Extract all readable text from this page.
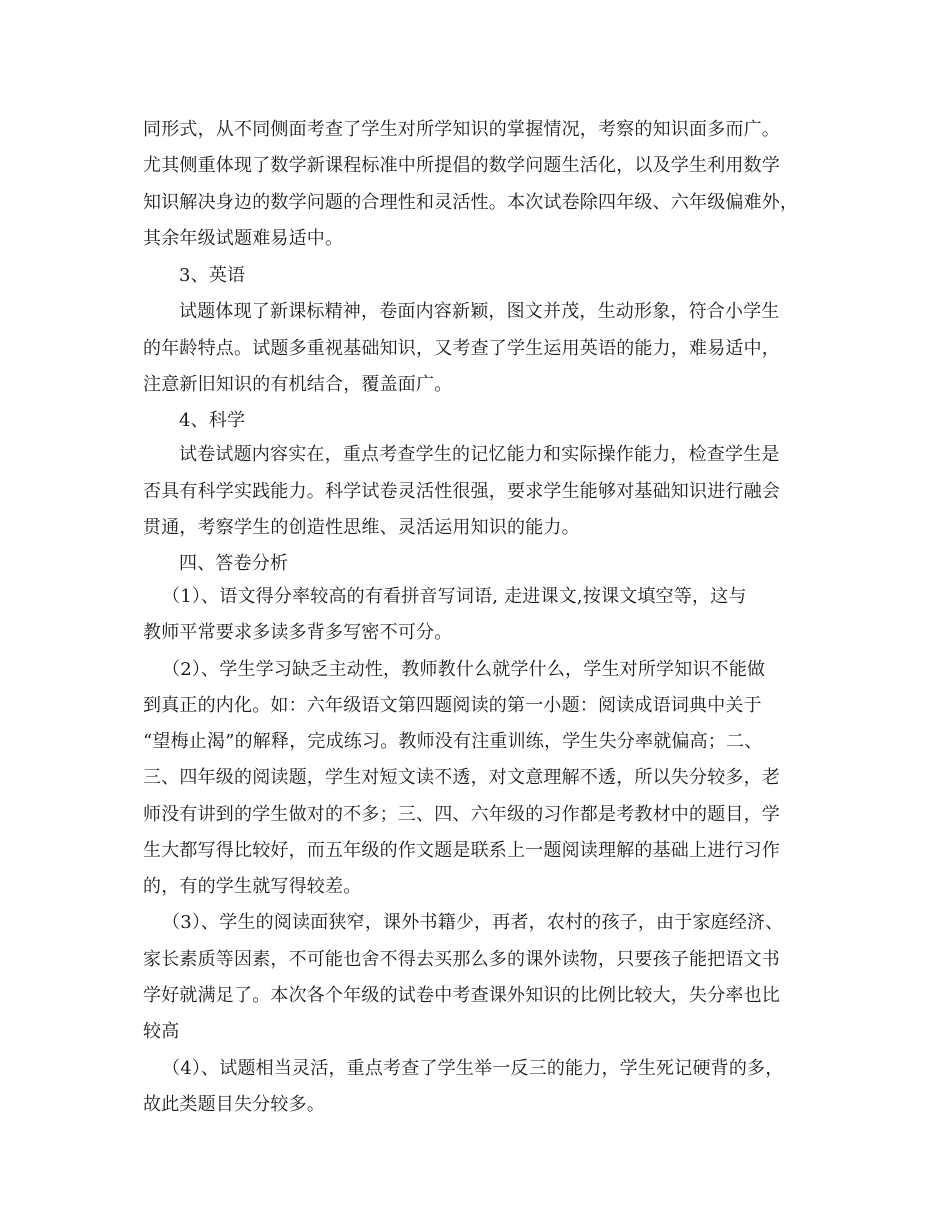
同形式，从不同侧面考查了学生对所学知识的掌握情况，考察的知识面多而广。
尤其侧重体现了数学新课程标准中所提倡的数学问题生活化，以及学生利用数学
知识解决身边的数学问题的合理性和灵活性。本次试卷除四年级、六年级偏难外，
其余年级试题难易适中。
3、英语
试题体现了新课标精神，卷面内容新颖，图文并茂，生动形象，符合小学生
的年龄特点。试题多重视基础知识，又考查了学生运用英语的能力，难易适中，
注意新旧知识的有机结合，覆盖面广。
4、科学
试卷试题内容实在，重点考查学生的记忆能力和实际操作能力，检查学生是
否具有科学实践能力。科学试卷灵活性很强，要求学生能够对基础知识进行融会
贯通，考察学生的创造性思维、灵活运用知识的能力。
四、答卷分析
（1）、语文得分率较高的有看拼音写词语, 走进课文,按课文填空等，这与
教师平常要求多读多背多写密不可分。
（2）、学生学习缺乏主动性，教师教什么就学什么，学生对所学知识不能做
到真正的内化。如：六年级语文第四题阅读的第一小题：阅读成语词典中关于
“望梅止渴”的解释，完成练习。教师没有注重训练，学生失分率就偏高；二、
三、四年级的阅读题，学生对短文读不透，对文意理解不透，所以失分较多，老
师没有讲到的学生做对的不多；三、四、六年级的习作都是考教材中的题目，学
生大都写得比较好，而五年级的作文题是联系上一题阅读理解的基础上进行习作
的，有的学生就写得较差。
（3）、学生的阅读面狭窄，课外书籍少，再者，农村的孩子，由于家庭经济、
家长素质等因素，不可能也舍不得去买那么多的课外读物，只要孩子能把语文书
学好就满足了。本次各个年级的试卷中考查课外知识的比例比较大，失分率也比
较高
（4）、试题相当灵活，重点考查了学生举一反三的能力，学生死记硬背的多，
故此类题目失分较多。
